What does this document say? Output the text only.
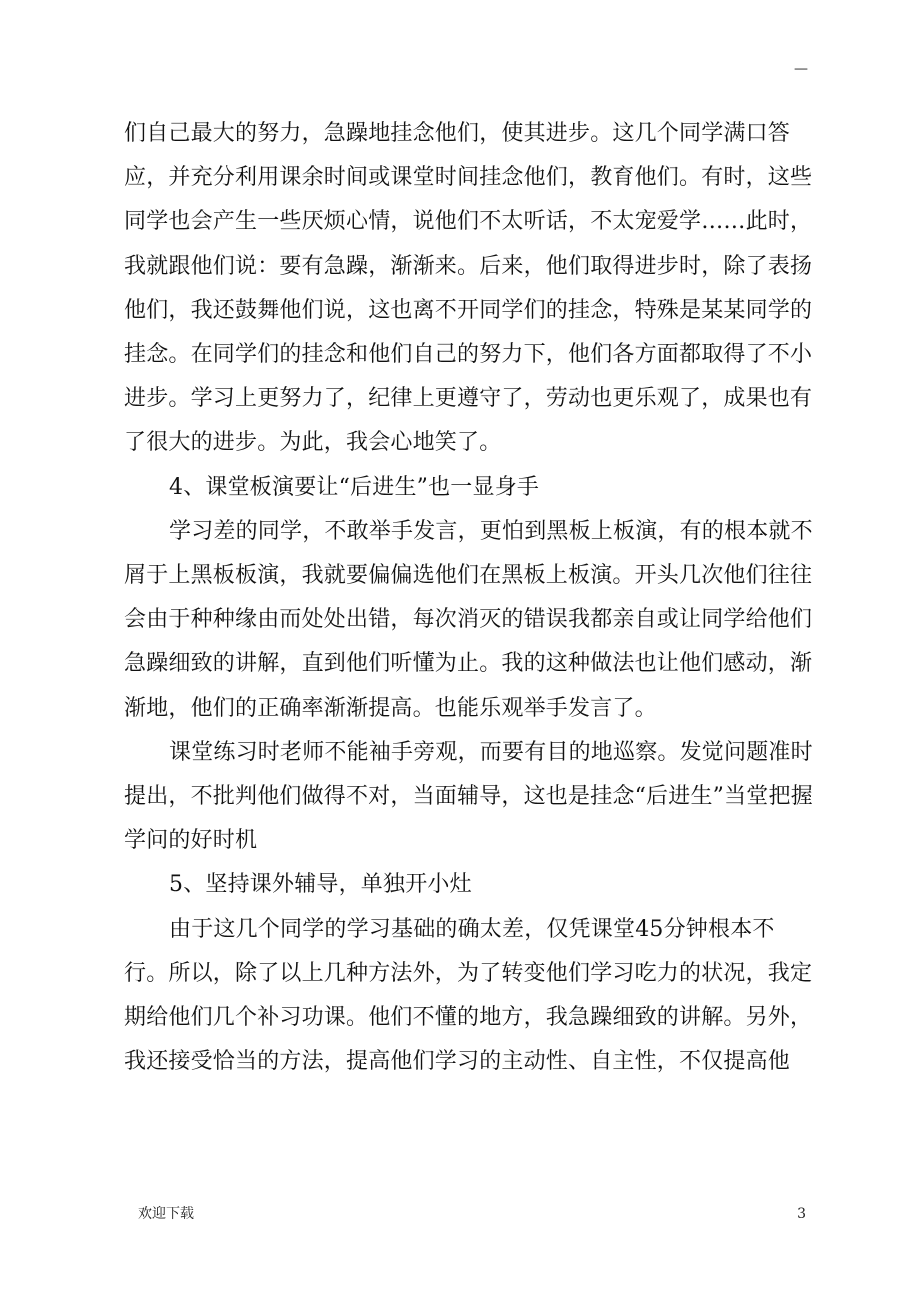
—

们自己最大的努力，急躁地挂念他们，使其进步。这几个同学满口答应，并充分利用课余时间或课堂时间挂念他们，教育他们。有时，这些同学也会产生一些厌烦心情，说他们不太听话，不太宠爱学……此时，我就跟他们说：要有急躁，渐渐来。后来，他们取得进步时，除了表扬他们，我还鼓舞他们说，这也离不开同学们的挂念，特殊是某某同学的挂念。在同学们的挂念和他们自己的努力下，他们各方面都取得了不小进步。学习上更努力了，纪律上更遵守了，劳动也更乐观了，成果也有了很大的进步。为此，我会心地笑了。

4、课堂板演要让“后进生”也一显身手

学习差的同学，不敢举手发言，更怕到黑板上板演，有的根本就不屑于上黑板板演，我就要偏偏选他们在黑板上板演。开头几次他们往往会由于种种缘由而处处出错，每次消灭的错误我都亲自或让同学给他们急躁细致的讲解，直到他们听懂为止。我的这种做法也让他们感动，渐渐地，他们的正确率渐渐提高。也能乐观举手发言了。

课堂练习时老师不能袖手旁观，而要有目的地巡察。发觉问题准时提出，不批判他们做得不对，当面辅导，这也是挂念“后进生”当堂把握学问的好时机

5、坚持课外辅导，单独开小灶

由于这几个同学的学习基础的确太差，仅凭课堂45分钟根本不行。所以，除了以上几种方法外，为了转变他们学习吃力的状况，我定期给他们几个补习功课。他们不懂的地方，我急躁细致的讲解。另外，我还接受恰当的方法，提高他们学习的主动性、自主性，不仅提高他

欢迎下载	3
